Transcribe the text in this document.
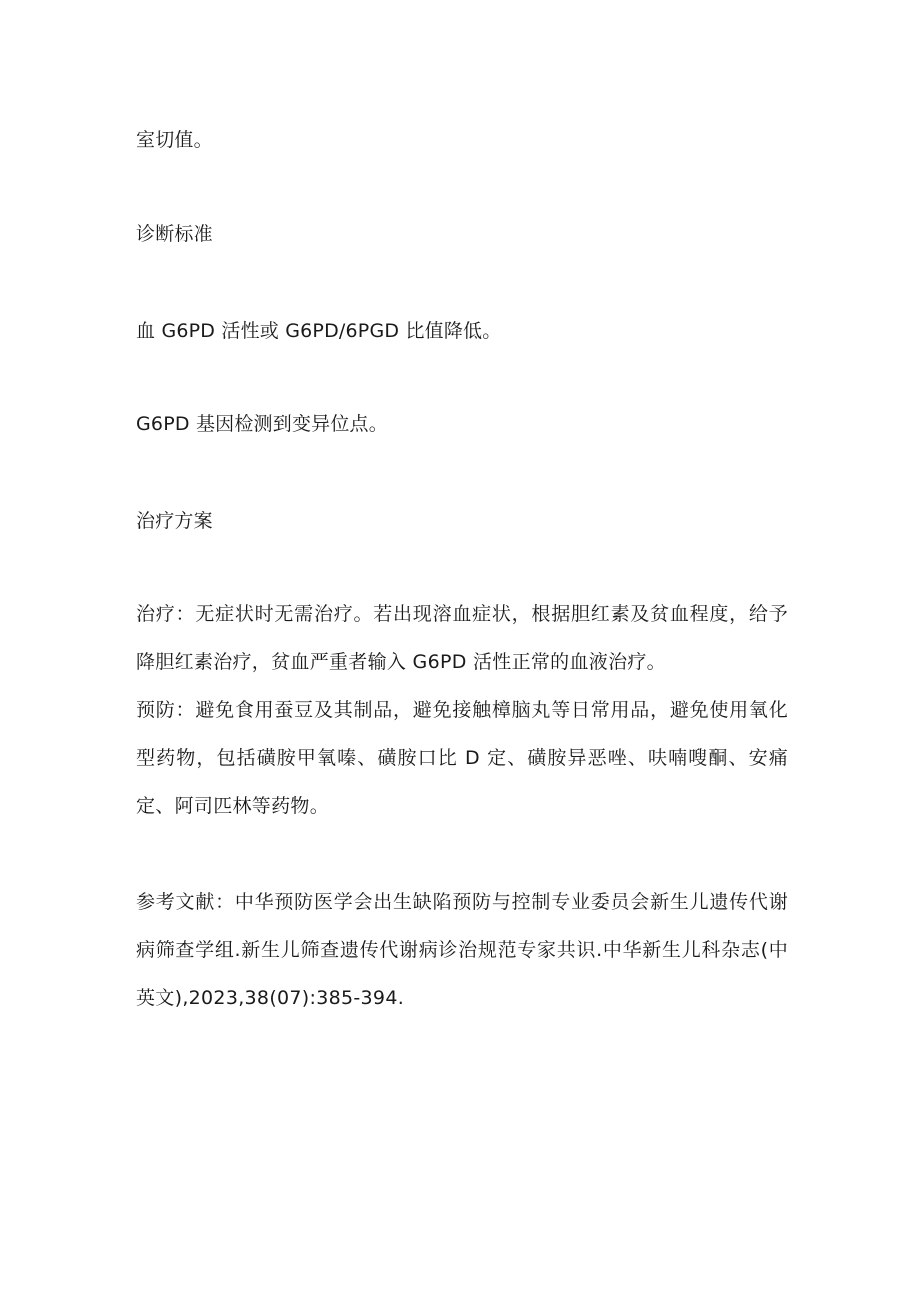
室切值。
诊断标准
血 G6PD 活性或 G6PD/6PGD 比值降低。
G6PD 基因检测到变异位点。
治疗方案
治疗：无症状时无需治疗。若出现溶血症状，根据胆红素及贫血程度，给予降胆红素治疗，贫血严重者输入 G6PD 活性正常的血液治疗。
预防：避免食用蚕豆及其制品，避免接触樟脑丸等日常用品，避免使用氧化型药物，包括磺胺甲氧嗪、磺胺口比 D 定、磺胺异恶唑、呋喃嗖酮、安痛定、阿司匹林等药物。
参考文献：中华预防医学会出生缺陷预防与控制专业委员会新生儿遗传代谢病筛查学组.新生儿筛查遗传代谢病诊治规范专家共识.中华新生儿科杂志(中英文),2023,38(07):385-394.
